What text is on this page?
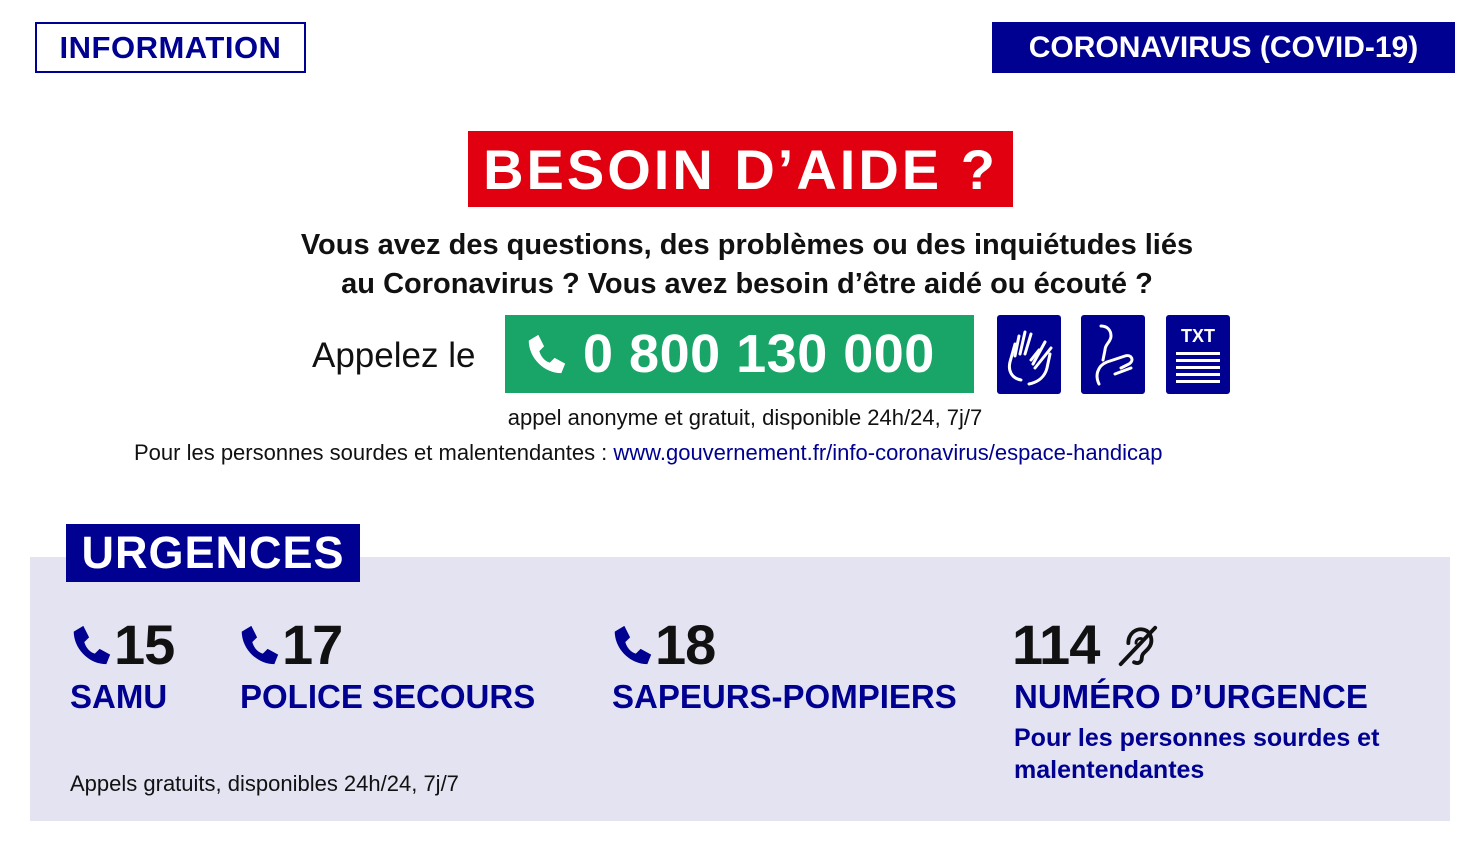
INFORMATION	CORONAVIRUS (COVID-19)
BESOIN D’AIDE ?
Vous avez des questions, des problèmes ou des inquiétudes liés
au Coronavirus ? Vous avez besoin d’être aidé ou écouté ?
Appelez le 0 800 130 000	TXT
appel anonyme et gratuit, disponible 24h/24, 7j/7
Pour les personnes sourdes et malentendantes : www.gouvernement.fr/info-coronavirus/espace-handicap
URGENCES
15
SAMU
17
POLICE SECOURS
18
SAPEURS-POMPIERS
114
NUMÉRO D’URGENCE
Pour les personnes sourdes et malentendantes
Appels gratuits, disponibles 24h/24, 7j/7
